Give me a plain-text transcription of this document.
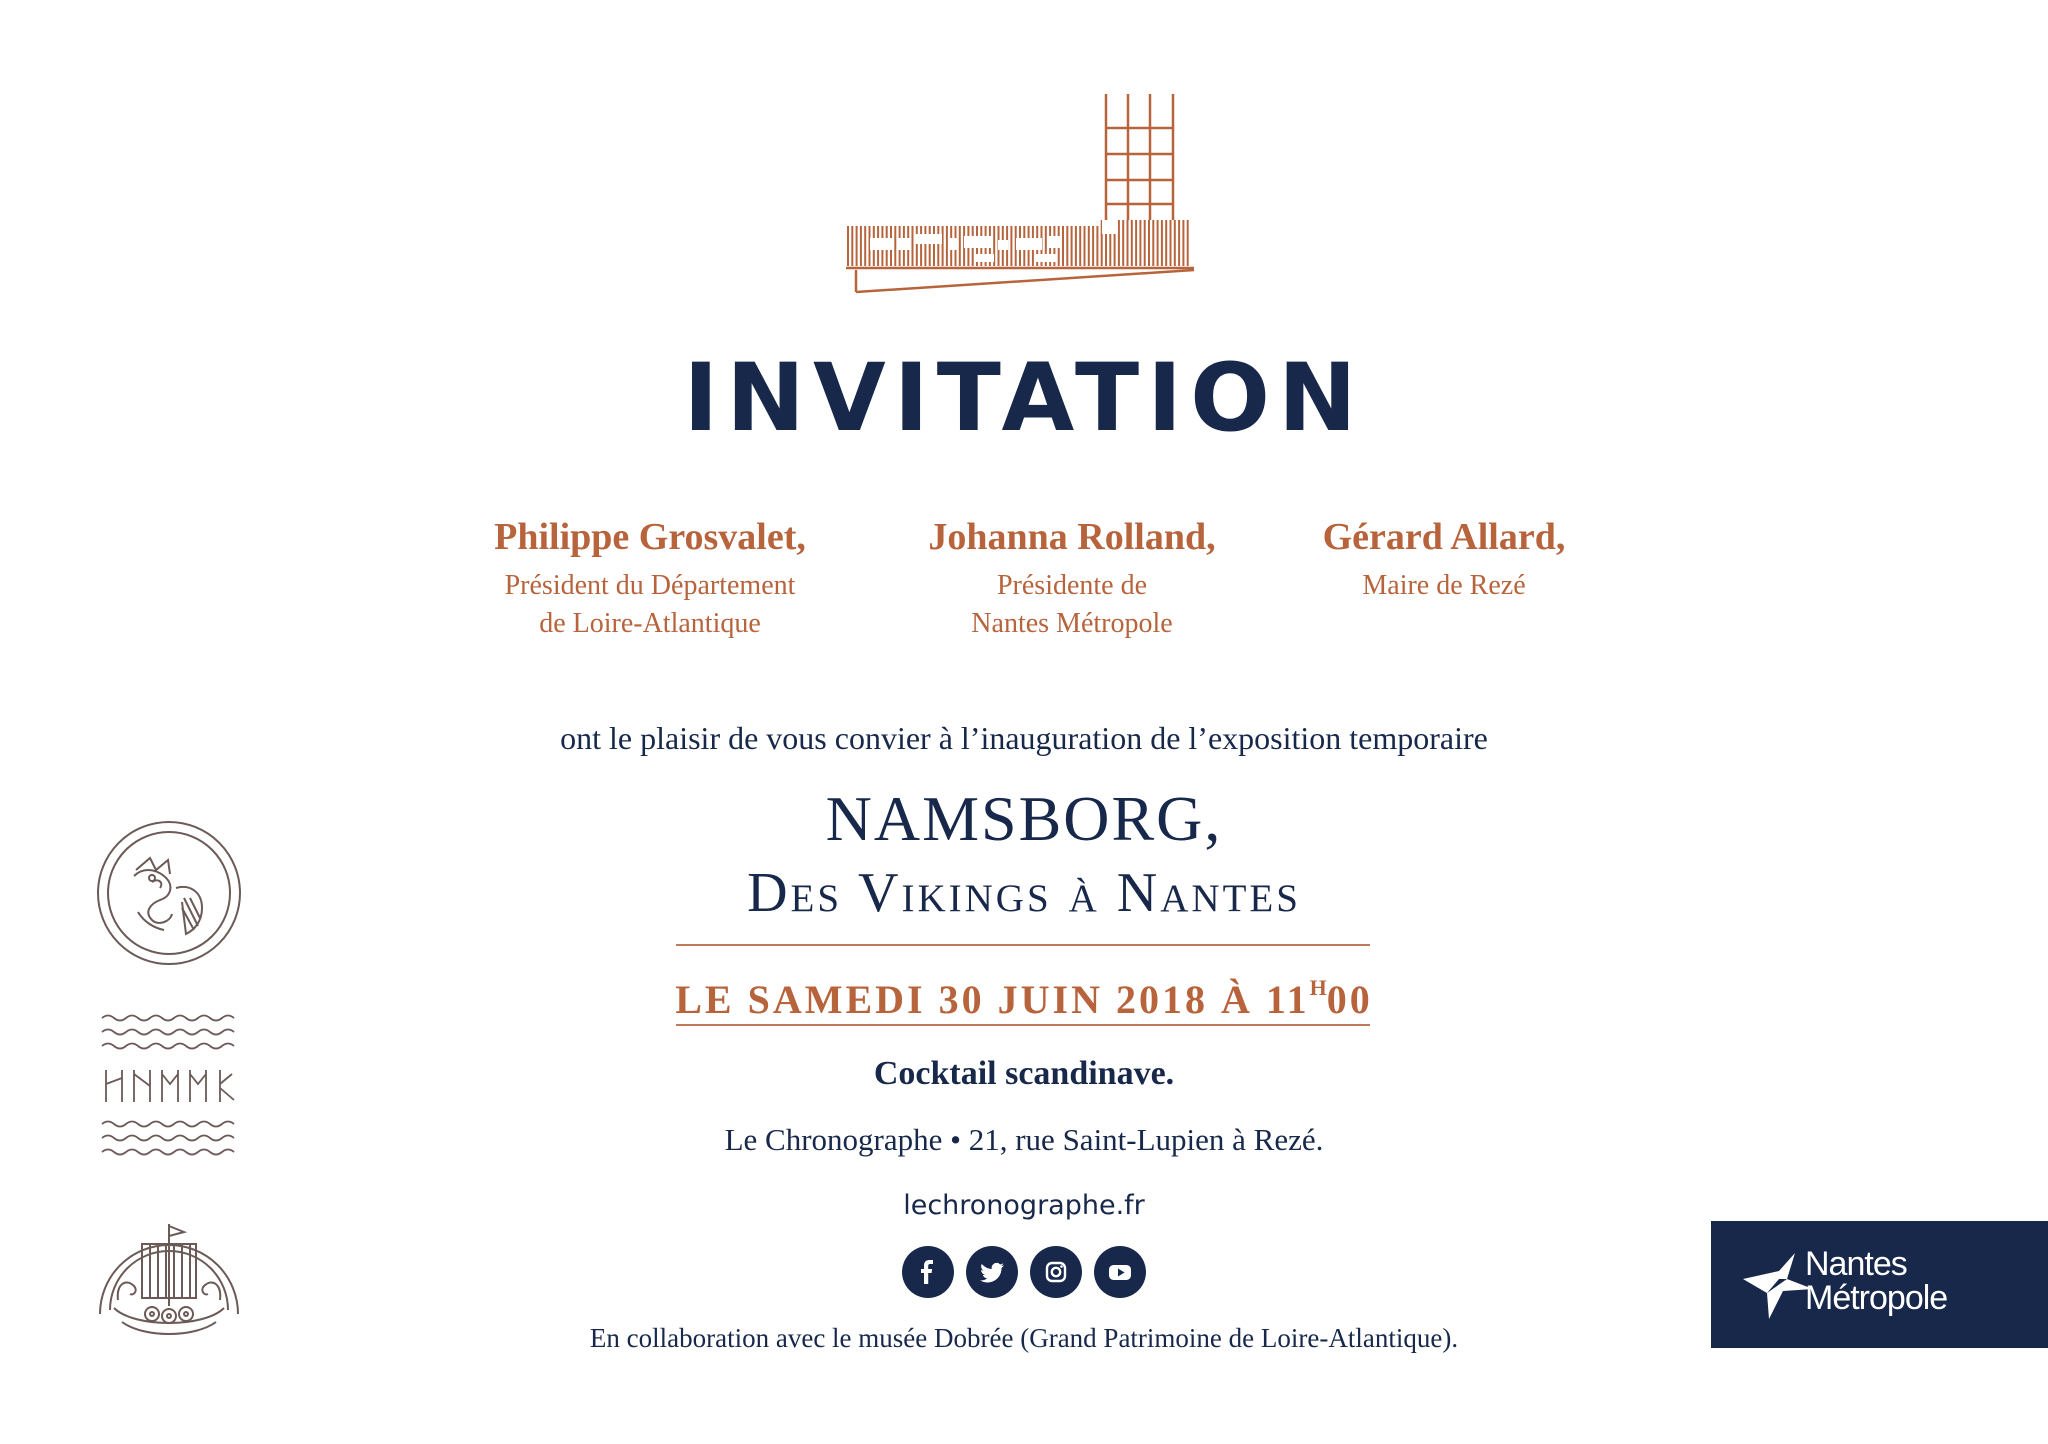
INVITATION
Philippe Grosvalet,
Président du Département
de Loire-Atlantique
Johanna Rolland,
Présidente de
Nantes Métropole
Gérard Allard,
Maire de Rezé
ont le plaisir de vous convier à l’inauguration de l’exposition temporaire
NAMSBORG,
Des Vikings à Nantes
LE SAMEDI 30 JUIN 2018 À $11^H00$
Cocktail scandinave.
Le Chronographe • 21, rue Saint-Lupien à Rezé.
lechronographe.fr
En collaboration avec le musée Dobrée (Grand Patrimoine de Loire-Atlantique).
Nantes
Métropole
